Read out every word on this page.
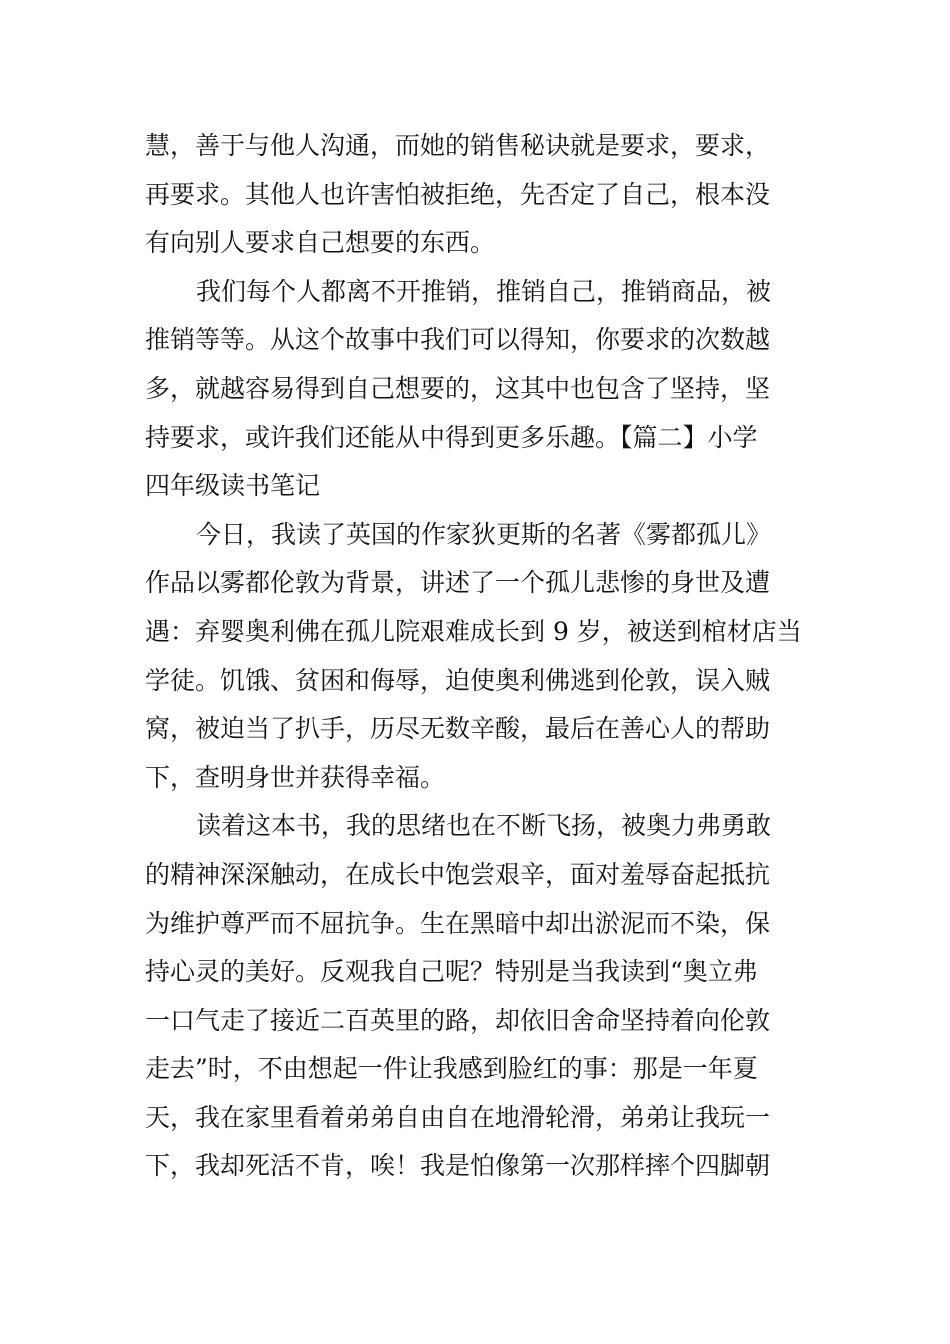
慧，善于与他人沟通，而她的销售秘诀就是要求，要求，
再要求。其他人也许害怕被拒绝，先否定了自己，根本没
有向别人要求自己想要的东西。
我们每个人都离不开推销，推销自己，推销商品，被
推销等等。从这个故事中我们可以得知，你要求的次数越
多，就越容易得到自己想要的，这其中也包含了坚持，坚
持要求，或许我们还能从中得到更多乐趣。【篇二】小学
四年级读书笔记
今日，我读了英国的作家狄更斯的名著《雾都孤儿》
作品以雾都伦敦为背景，讲述了一个孤儿悲惨的身世及遭
遇：弃婴奥利佛在孤儿院艰难成长到 9 岁，被送到棺材店当
学徒。饥饿、贫困和侮辱，迫使奥利佛逃到伦敦，误入贼
窝，被迫当了扒手，历尽无数辛酸，最后在善心人的帮助
下，查明身世并获得幸福。
读着这本书，我的思绪也在不断飞扬，被奥力弗勇敢
的精神深深触动，在成长中饱尝艰辛，面对羞辱奋起抵抗
为维护尊严而不屈抗争。生在黑暗中却出淤泥而不染，保
持心灵的美好。反观我自己呢？特别是当我读到“奥立弗
一口气走了接近二百英里的路，却依旧舍命坚持着向伦敦
走去”时，不由想起一件让我感到脸红的事：那是一年夏
天，我在家里看着弟弟自由自在地滑轮滑，弟弟让我玩一
下，我却死活不肯，唉！我是怕像第一次那样摔个四脚朝
